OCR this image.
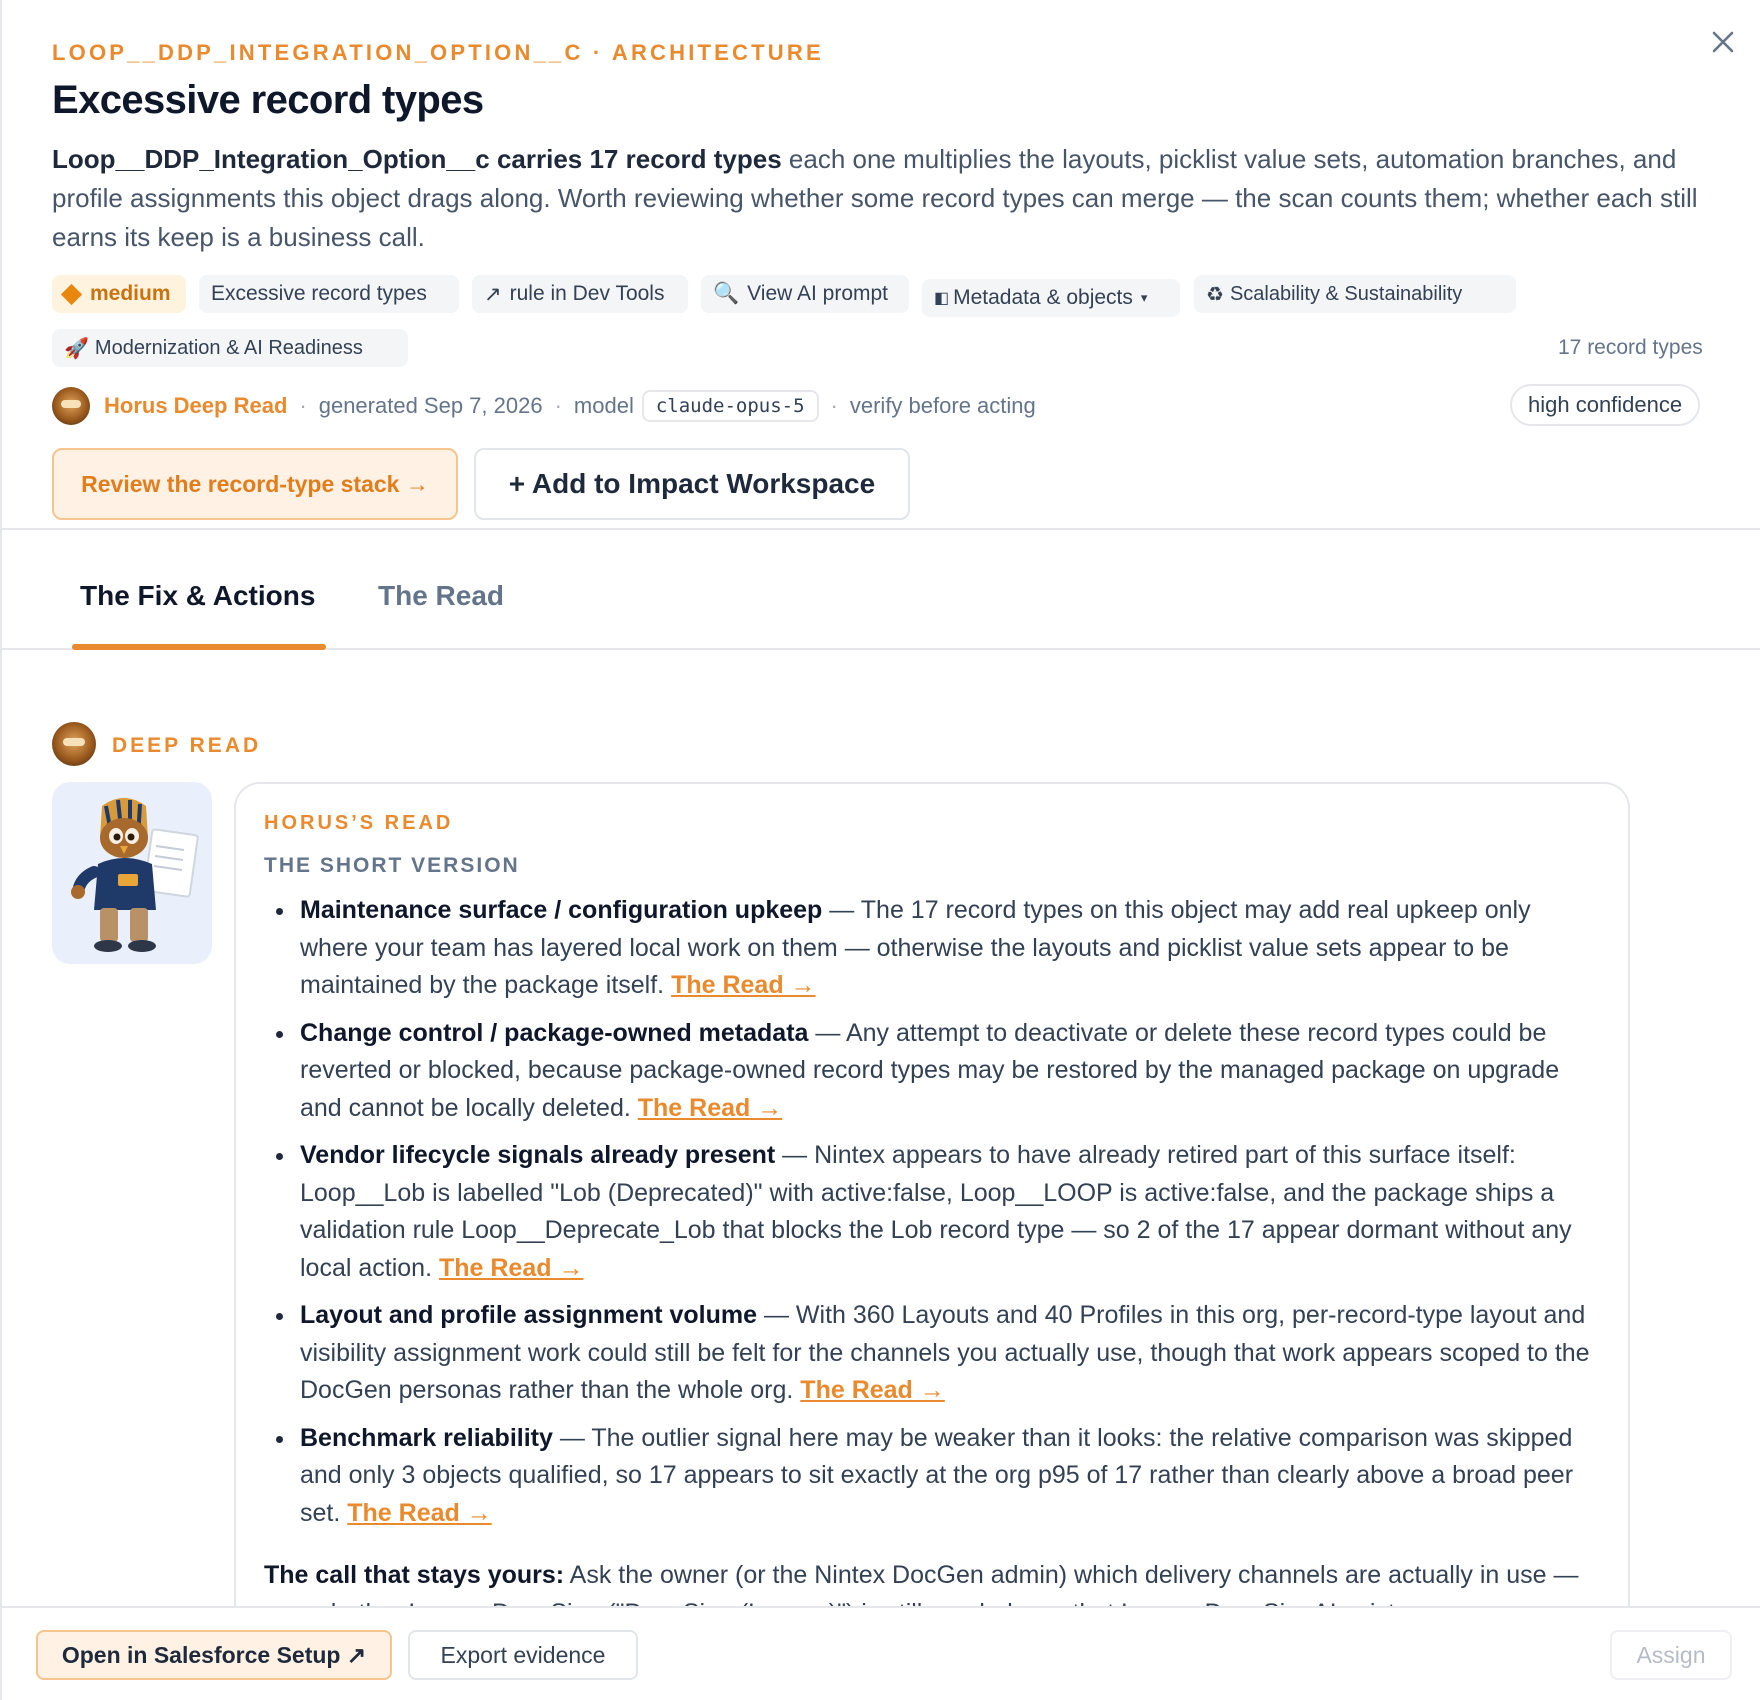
LOOP__DDP_INTEGRATION_OPTION__C · ARCHITECTURE
Excessive record types

Loop__DDP_Integration_Option__c carries 17 record types each one multiplies the layouts, picklist value sets, automation branches, and profile assignments this object drags along. Worth reviewing whether some record types can merge — the scan counts them; whether each still earns its keep is a business call.

medium Excessive record types	↗ rule in Dev Tools 🔍 View AI prompt	◧ Metadata & objects ▾	♻ Scalability & Sustainability
🚀 Modernization & AI Readiness	17 record types
Horus Deep Read · generated Sep 7, 2026 · model	claude-opus-5	· verify before acting	high confidence
Review the record-type stack →	+ Add to Impact Workspace
The Fix & Actions The Read
DEEP READ
HORUS’S READ
THE SHORT VERSION
Maintenance surface / configuration upkeep — The 17 record types on this object may add real upkeep only where your team has layered local work on them — otherwise the layouts and picklist value sets appear to be maintained by the package itself. The Read →
Change control / package-owned metadata — Any attempt to deactivate or delete these record types could be reverted or blocked, because package-owned record types may be restored by the managed package on upgrade and cannot be locally deleted. The Read →
Vendor lifecycle signals already present — Nintex appears to have already retired part of this surface itself: Loop__Lob is labelled "Lob (Deprecated)" with active:false, Loop__LOOP is active:false, and the package ships a validation rule Loop__Deprecate_Lob that blocks the Lob record type — so 2 of the 17 appear dormant without any local action. The Read →
Layout and profile assignment volume — With 360 Layouts and 40 Profiles in this org, per-record-type layout and visibility assignment work could still be felt for the channels you actually use, though that work appears scoped to the DocGen personas rather than the whole org. The Read →
Benchmark reliability — The outlier signal here may be weaker than it looks: the relative comparison was skipped and only 3 objects qualified, so 17 appears to sit exactly at the org p95 of 17 rather than clearly above a broad peer set. The Read →

The call that stays yours: Ask the owner (or the Nintex DocGen admin) which delivery channels are actually in use —

Open in Salesforce Setup ↗	Export evidence	Assign
